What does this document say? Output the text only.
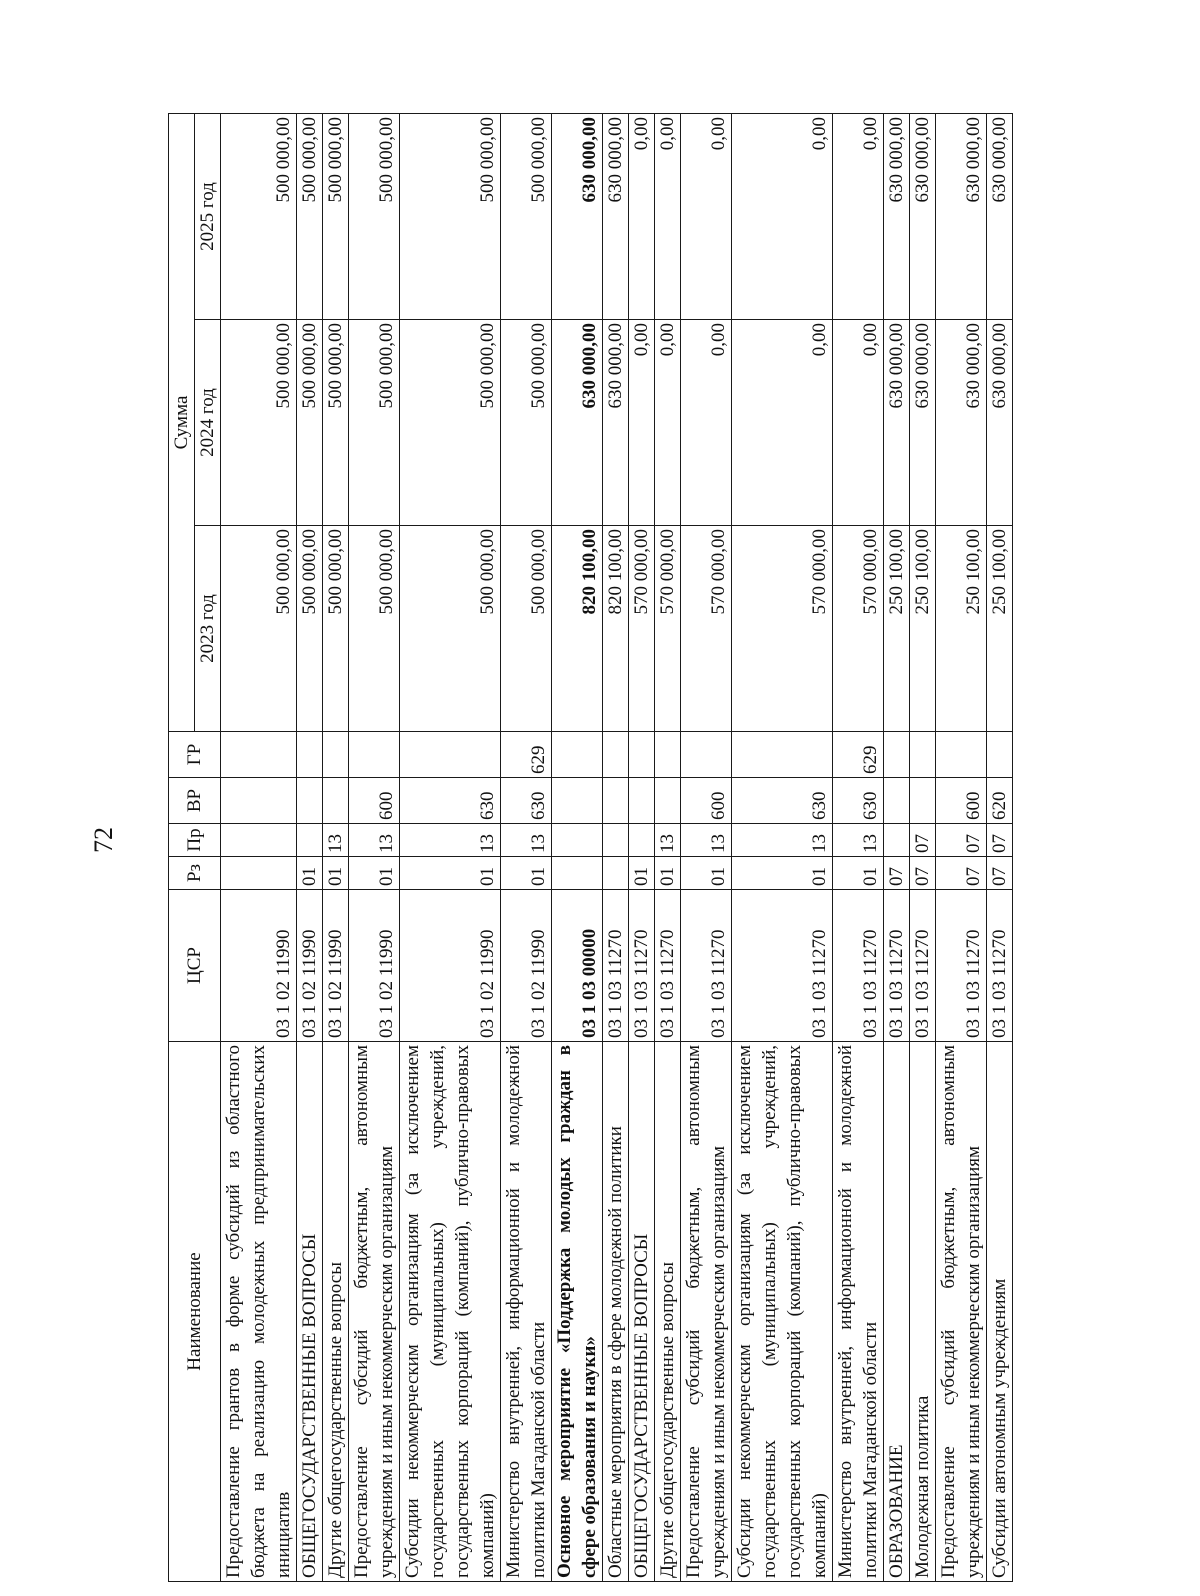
72
Наименование	ЦСР	Рз	Пр	ВР	ГР	Сумма		
						2023 год	2024 год	2025 год
Предоставление грантов в форме субсидий из областного бюджета на реализацию молодежных предпринимательских инициатив	03 1 02 11990					500 000,00	500 000,00	500 000,00
ОБЩЕГОСУДАРСТВЕННЫЕ ВОПРОСЫ	03 1 02 11990	01				500 000,00	500 000,00	500 000,00
Другие общегосударственные вопросы	03 1 02 11990	01	13			500 000,00	500 000,00	500 000,00
Предоставление субсидий бюджетным, автономным учреждениям и иным некоммерческим организациям	03 1 02 11990	01	13	600		500 000,00	500 000,00	500 000,00
Субсидии некоммерческим организациям (за исключением государственных (муниципальных) учреждений, государственных корпораций (компаний), публично-правовых компаний)	03 1 02 11990	01	13	630		500 000,00	500 000,00	500 000,00
Министерство внутренней, информационной и молодежной политики Магаданской области	03 1 02 11990	01	13	630	629	500 000,00	500 000,00	500 000,00
Основное мероприятие «Поддержка молодых граждан в сфере образования и науки»	03 1 03 00000					820 100,00	630 000,00	630 000,00
Областные мероприятия в сфере молодежной политики	03 1 03 11270					820 100,00	630 000,00	630 000,00
ОБЩЕГОСУДАРСТВЕННЫЕ ВОПРОСЫ	03 1 03 11270	01				570 000,00	0,00	0,00
Другие общегосударственные вопросы	03 1 03 11270	01	13			570 000,00	0,00	0,00
Предоставление субсидий бюджетным, автономным учреждениям и иным некоммерческим организациям	03 1 03 11270	01	13	600		570 000,00	0,00	0,00
Субсидии некоммерческим организациям (за исключением государственных (муниципальных) учреждений, государственных корпораций (компаний), публично-правовых компаний)	03 1 03 11270	01	13	630		570 000,00	0,00	0,00
Министерство внутренней, информационной и молодежной политики Магаданской области	03 1 03 11270	01	13	630	629	570 000,00	0,00	0,00
ОБРАЗОВАНИЕ	03 1 03 11270	07				250 100,00	630 000,00	630 000,00
Молодежная политика	03 1 03 11270	07	07			250 100,00	630 000,00	630 000,00
Предоставление субсидий бюджетным, автономным учреждениям и иным некоммерческим организациям	03 1 03 11270	07	07	600		250 100,00	630 000,00	630 000,00
Субсидии автономным учреждениям	03 1 03 11270	07	07	620		250 100,00	630 000,00	630 000,00
